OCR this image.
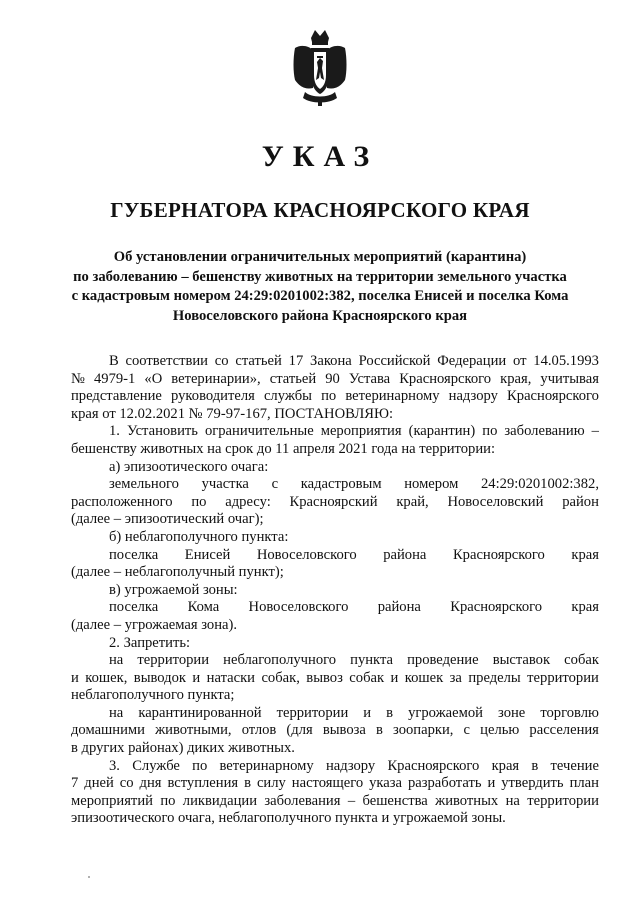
УКАЗ
ГУБЕРНАТОРА КРАСНОЯРСКОГО КРАЯ
Об установлении ограничительных мероприятий (карантина)
по заболеванию – бешенству животных на территории земельного участка
с кадастровым номером 24:29:0201002:382, поселка Енисей и поселка Кома
Новоселовского района Красноярского края
В соответствии со статьей 17 Закона Российской Федерации от 14.05.1993
№ 4979-1 «О ветеринарии», статьей 90 Устава Красноярского края, учитывая
представление руководителя службы по ветеринарному надзору Красноярского
края от 12.02.2021 № 79-97-167, ПОСТАНОВЛЯЮ:
1. Установить ограничительные мероприятия (карантин) по заболеванию –
бешенству животных на срок до 11 апреля 2021 года на территории:
а) эпизоотического очага:
земельного участка с кадастровым номером 24:29:0201002:382,
расположенного по адресу: Красноярский край, Новоселовский район
(далее – эпизоотический очаг);
б) неблагополучного пункта:
поселка Енисей Новоселовского района Красноярского края
(далее – неблагополучный пункт);
в) угрожаемой зоны:
поселка Кома Новоселовского района Красноярского края
(далее – угрожаемая зона).
2. Запретить:
на территории неблагополучного пункта проведение выставок собак
и кошек, выводок и натаски собак, вывоз собак и кошек за пределы территории
неблагополучного пункта;
на карантинированной территории и в угрожаемой зоне торговлю
домашними животными, отлов (для вывоза в зоопарки, с целью расселения
в других районах) диких животных.
3. Службе по ветеринарному надзору Красноярского края в течение
7 дней со дня вступления в силу настоящего указа разработать и утвердить план
мероприятий по ликвидации заболевания – бешенства животных на территории
эпизоотического очага, неблагополучного пункта и угрожаемой зоны.
